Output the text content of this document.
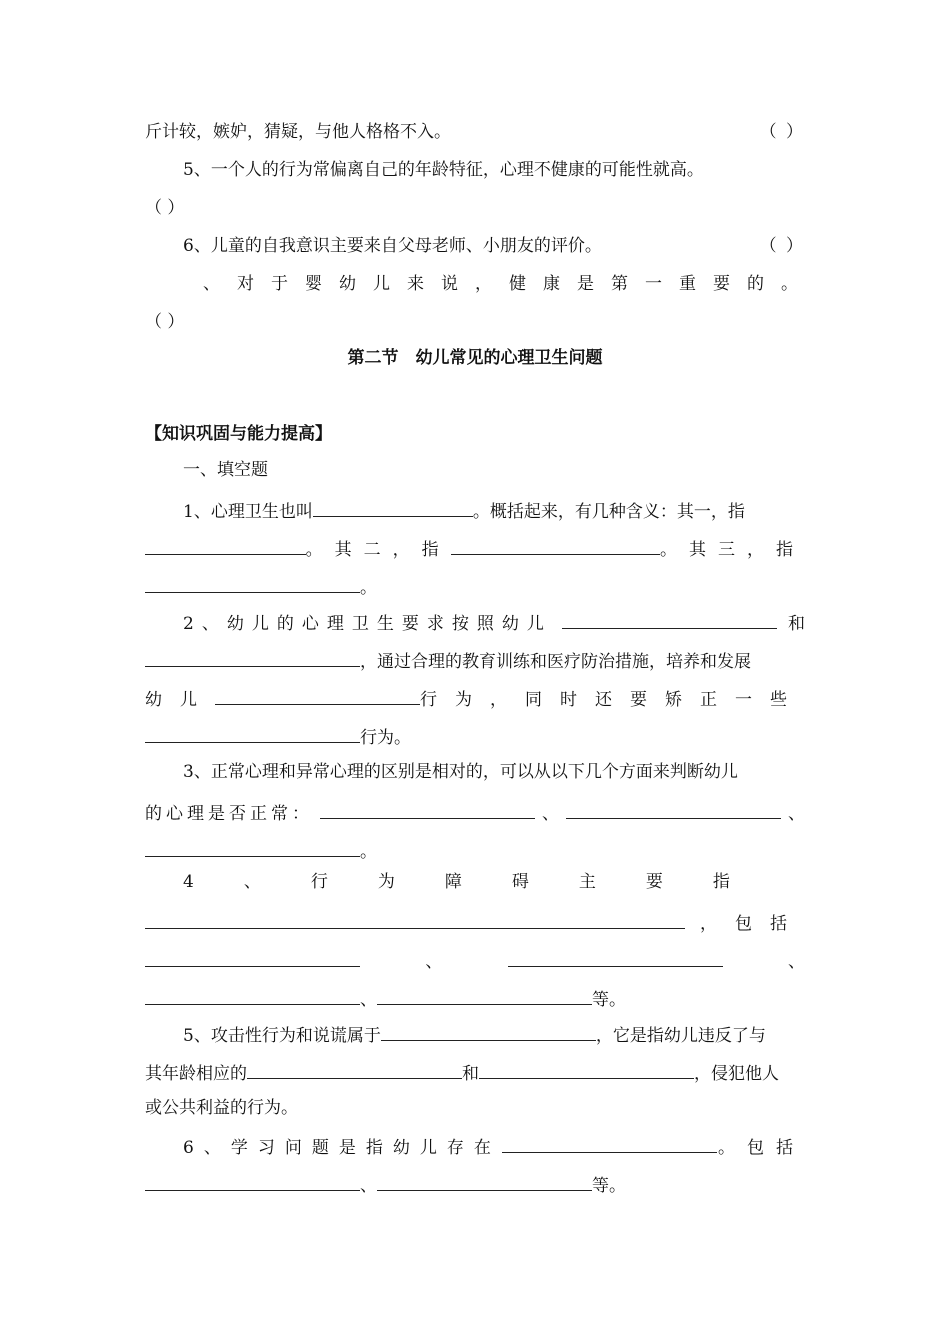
斤计较，嫉妒，猜疑，与他人格格不入。	（ ）
5、一个人的行为常偏离自己的年龄特征，心理不健康的可能性就高。
（ ）
6、儿童的自我意识主要来自父母老师、小朋友的评价。	（ ）
、对于婴幼儿来说，健康是第一重要的。
（ ）
第二节　幼儿常见的心理卫生问题
【知识巩固与能力提高】
一、填空题
1、心理卫生也叫	。概括起来，有几种含义：其一，指
。其二，指	。其三，指
。
2、幼儿的心理卫生要求按照幼儿	和
，通过合理的教育训练和医疗防治措施，培养和发展
幼儿	行为，同时还要矫正一些
行为。
3、正常心理和异常心理的区别是相对的，可以从以下几个方面来判断幼儿
的心理是否正常：	、	、
。
4、行为障碍主要指
，包括
、	、
、	等。
5、攻击性行为和说谎属于	，它是指幼儿违反了与
其年龄相应的	和	，侵犯他人
或公共利益的行为。
6、学习问题是指幼儿存在	。包括
、	等。
